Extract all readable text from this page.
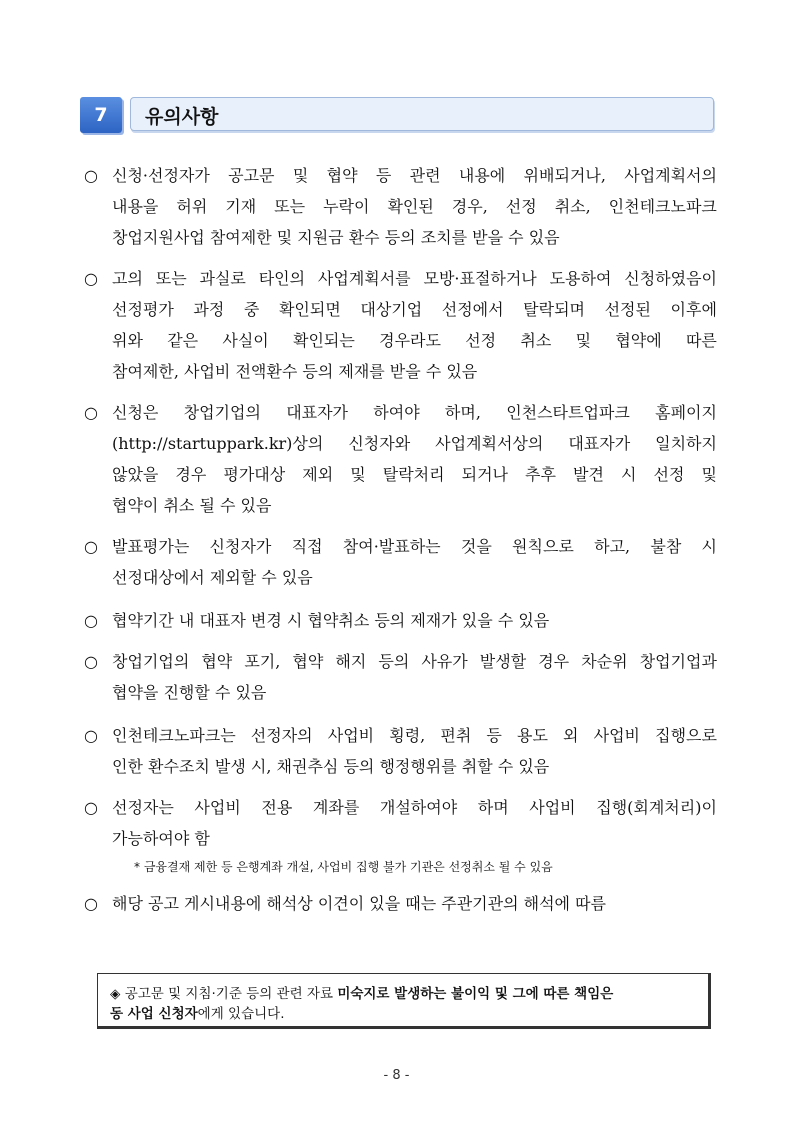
7	유의사항
○ 신청·선정자가 공고문 및 협약 등 관련 내용에 위배되거나, 사업계획서의
내용을 허위 기재 또는 누락이 확인된 경우, 선정 취소, 인천테크노파크
창업지원사업 참여제한 및 지원금 환수 등의 조치를 받을 수 있음
○ 고의 또는 과실로 타인의 사업계획서를 모방·표절하거나 도용하여 신청하였음이
선정평가 과정 중 확인되면 대상기업 선정에서 탈락되며 선정된 이후에
위와 같은 사실이 확인되는 경우라도 선정 취소 및 협약에 따른
참여제한, 사업비 전액환수 등의 제재를 받을 수 있음
○ 신청은 창업기업의 대표자가 하여야 하며, 인천스타트업파크 홈페이지
(http://startuppark.kr)상의 신청자와 사업계획서상의 대표자가 일치하지
않았을 경우 평가대상 제외 및 탈락처리 되거나 추후 발견 시 선정 및
협약이 취소 될 수 있음
○ 발표평가는 신청자가 직접 참여·발표하는 것을 원칙으로 하고, 불참 시
선정대상에서 제외할 수 있음
○ 협약기간 내 대표자 변경 시 협약취소 등의 제재가 있을 수 있음
○ 창업기업의 협약 포기, 협약 해지 등의 사유가 발생할 경우 차순위 창업기업과
협약을 진행할 수 있음
○ 인천테크노파크는 선정자의 사업비 횡령, 편취 등 용도 외 사업비 집행으로
인한 환수조치 발생 시, 채권추심 등의 행정행위를 취할 수 있음
○ 선정자는 사업비 전용 계좌를 개설하여야 하며 사업비 집행(회계처리)이
가능하여야 함
* 금융결재 제한 등 은행계좌 개설, 사업비 집행 불가 기관은 선정취소 될 수 있음
○ 해당 공고 게시내용에 해석상 이견이 있을 때는 주관기관의 해석에 따름
◈ 공고문 및 지침·기준 등의 관련 자료 미숙지로 발생하는 불이익 및 그에 따른 책임은
동 사업 신청자에게 있습니다.
- 8 -
